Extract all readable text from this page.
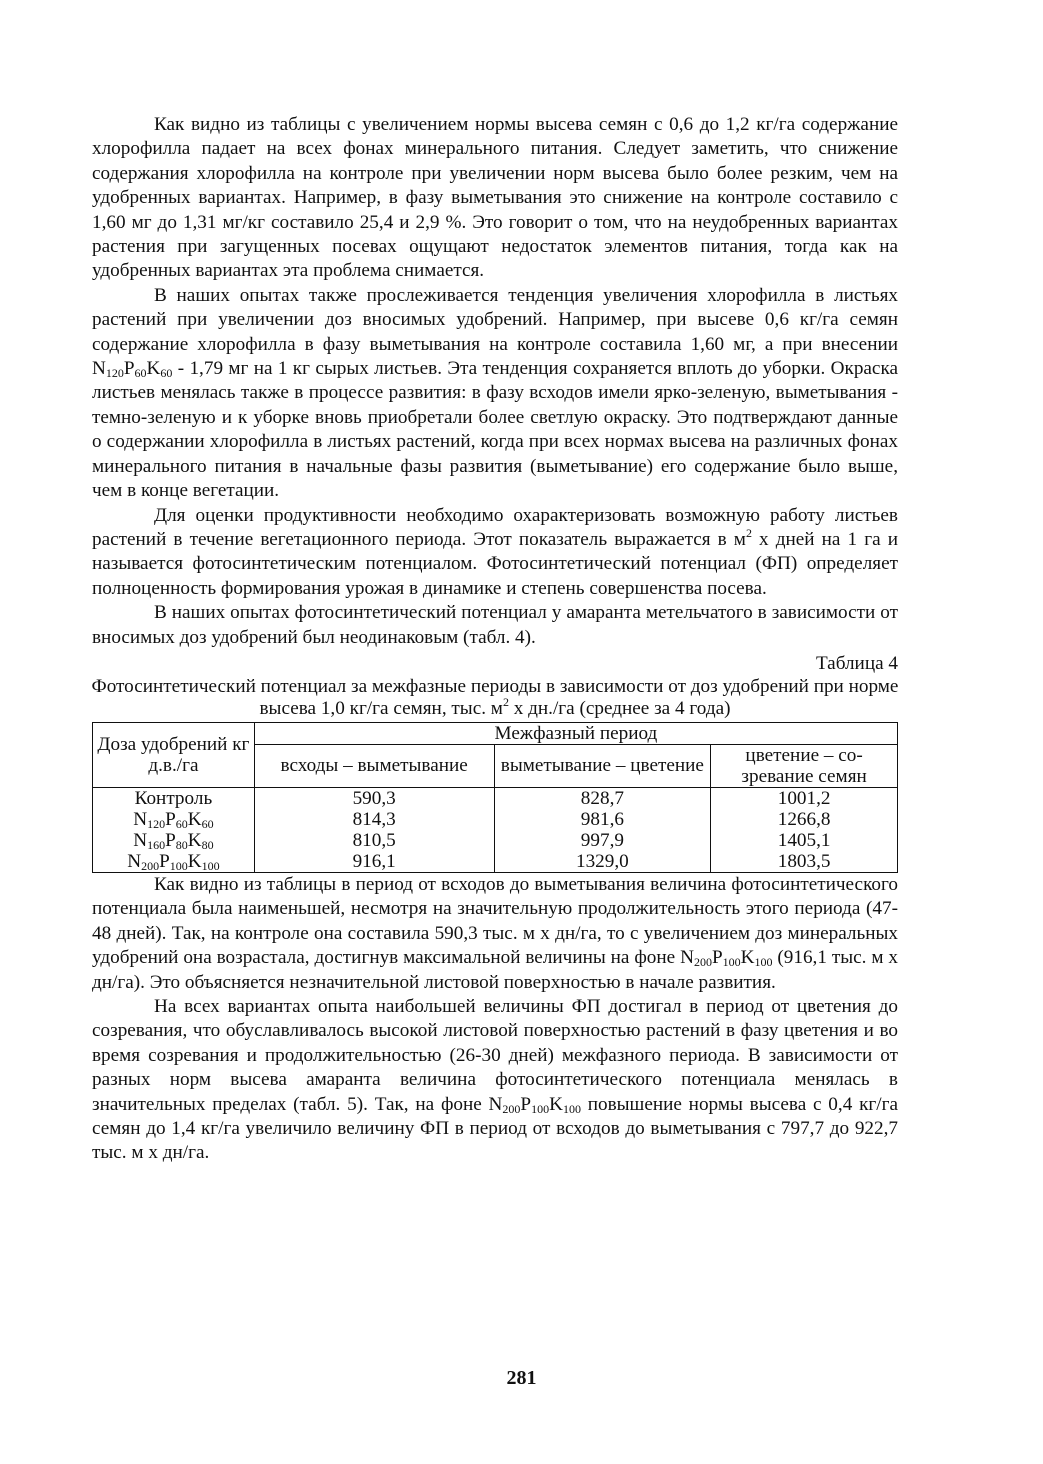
Как видно из таблицы с увеличением нормы высева семян с 0,6 до 1,2 кг/га содержание хлорофилла падает на всех фонах минерального питания. Следует заметить, что снижение содержания хлорофилла на контроле при увеличении норм высева было более резким, чем на удобренных вариантах. Например, в фазу выметывания это снижение на контроле составило с 1,60 мг до 1,31 мг/кг составило 25,4 и 2,9 %. Это говорит о том, что на неудобренных вариантах растения при загущенных посевах ощущают недостаток элементов питания, тогда как на удобренных вариантах эта проблема снимается.

В наших опытах также прослеживается тенденция увеличения хлорофилла в листьях растений при увеличении доз вносимых удобрений. Например, при высеве 0,6 кг/га семян содержание хлорофилла в фазу выметывания на контроле составила 1,60 мг, а при внесении $N_{120}P_{60}K_{60} - 1,79$ мг на 1 кг сырых листьев. Эта тенденция сохраняется вплоть до уборки. Окраска листьев менялась также в процессе развития: в фазу всходов имели ярко-зеленую, выметывания - темно-зеленую и к уборке вновь приобретали более светлую окраску. Это подтверждают данные о содержании хлорофилла в листьях растений, когда при всех нормах высева на различных фонах минерального питания в начальные фазы развития (выметывание) его содержание было выше, чем в конце вегетации.

Для оценки продуктивности необходимо охарактеризовать возможную работу листьев растений в течение вегетационного периода. Этот показатель выражается в $м^2$ х дней на 1 га и называется фотосинтетическим потенциалом. Фотосинтетический потенциал (ФП) определяет полноценность формирования урожая в динамике и степень совершенства посева.

В наших опытах фотосинтетический потенциал у амаранта метельчатого в зависимости от вносимых доз удобрений был неодинаковым (табл. 4).

Таблица 4
Фотосинтетический потенциал за межфазные периоды в зависимости от доз удобрений при норме высева 1,0 кг/га семян, тыс. $м^2$ х дн./га (среднее за 4 года)
Доза удобрений кг д.в./га	Межфазный период		
	всходы – выметывание	выметывание – цветение	цветение – созревание семян
Контроль	590,3	828,7	1001,2
$N_{120}P_{60}K_{60}$	814,3	981,6	1266,8
$N_{160}P_{80}K_{80}$	810,5	997,9	1405,1
$N_{200}P_{100}K_{100}$	916,1	1329,0	1803,5

Как видно из таблицы в период от всходов до выметывания величина фотосинтетического потенциала была наименьшей, несмотря на значительную продолжительность этого периода (47-48 дней). Так, на контроле она составила 590,3 тыс. м х дн/га, то с увеличением доз минеральных удобрений она возрастала, достигнув максимальной величины на фоне $N_{200}P_{100}K_{100}$ (916,1 тыс. м х дн/га). Это объясняется незначительной листовой поверхностью в начале развития.

На всех вариантах опыта наибольшей величины ФП достигал в период от цветения до созревания, что обуславливалось высокой листовой поверхностью растений в фазу цветения и во время созревания и продолжительностью (26-30 дней) межфазного периода. В зависимости от разных норм высева амаранта величина фотосинтетического потенциала менялась в значительных пределах (табл. 5). Так, на фоне $N_{200}P_{100}K_{100}$ повышение нормы высева с 0,4 кг/га семян до 1,4 кг/га увеличило величину ФП в период от всходов до выметывания с 797,7 до 922,7 тыс. м х дн/га.

281
